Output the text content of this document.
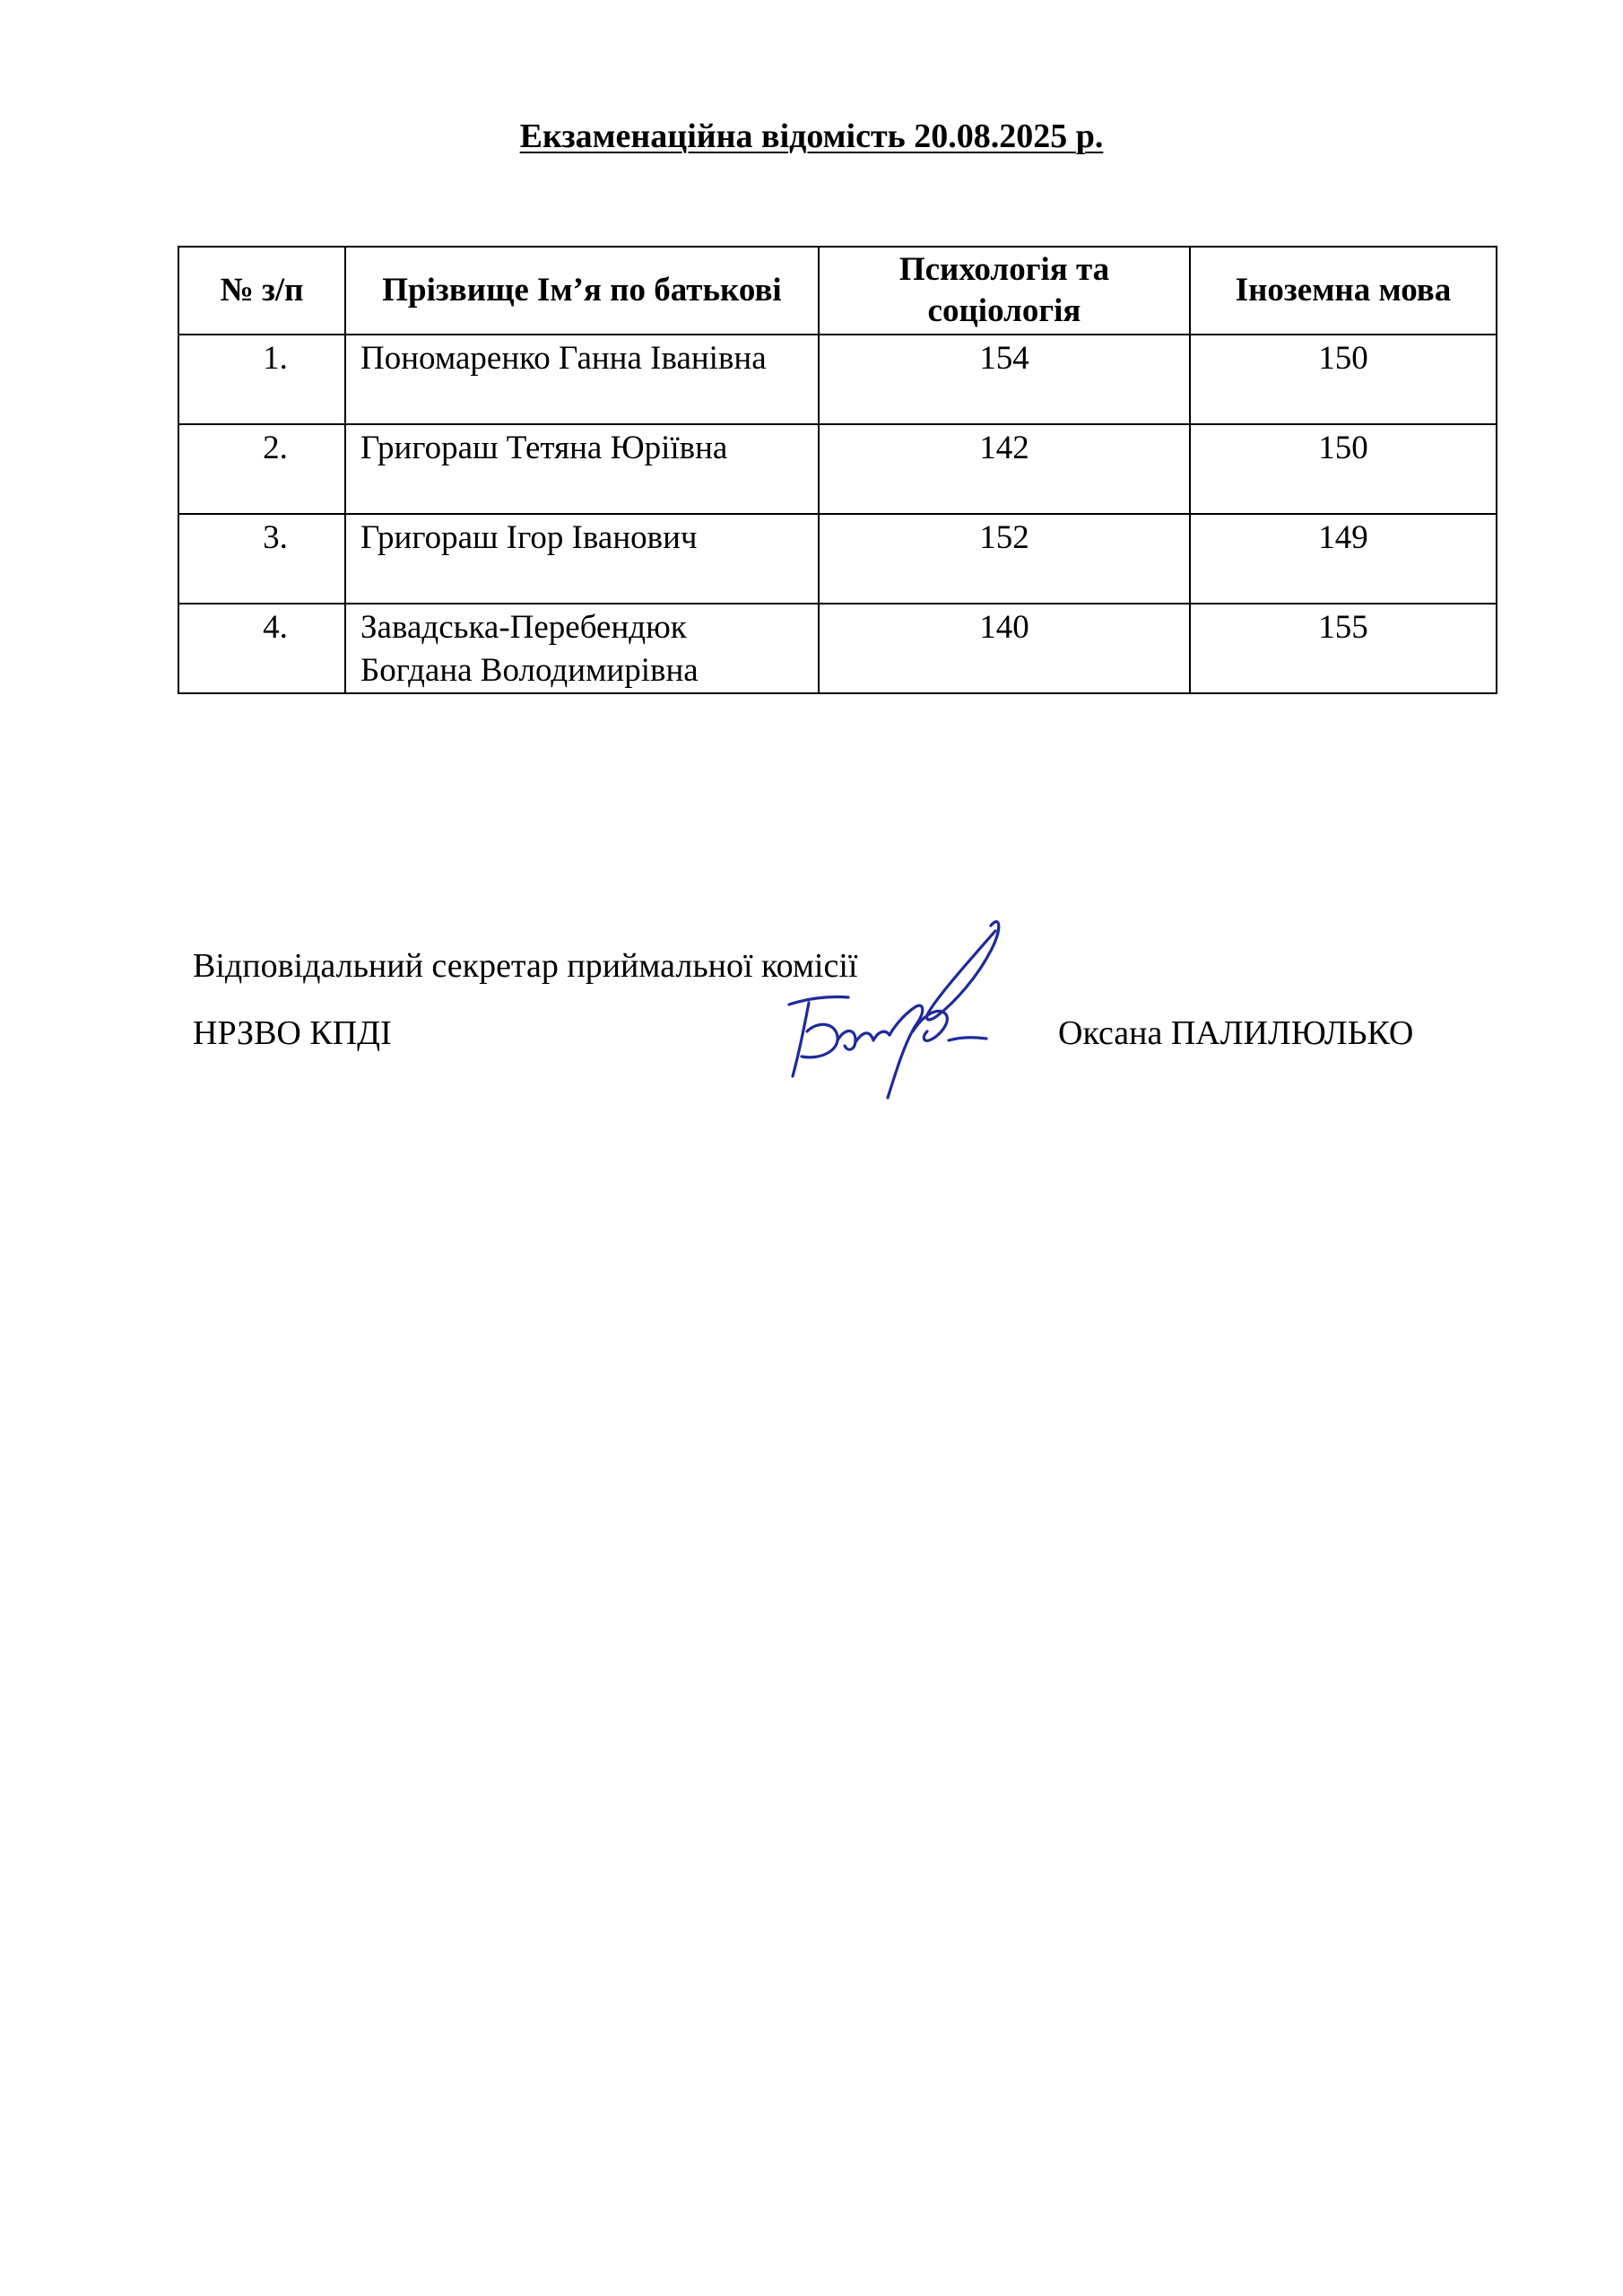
Екзаменаційна відомість 20.08.2025 р.
№ з/п	Прізвище Ім’я по батькові	Психологія та соціологія	Іноземна мова
1.	Пономаренко Ганна Іванівна	154	150
2.	Григораш Тетяна Юріївна	142	150
3.	Григораш Ігор Іванович	152	149
4.	Завадська-Перебендюк Богдана Володимирівна	140	155
Відповідальний секретар приймальної комісії
НРЗВО КПДІ	Оксана ПАЛИЛЮЛЬКО
